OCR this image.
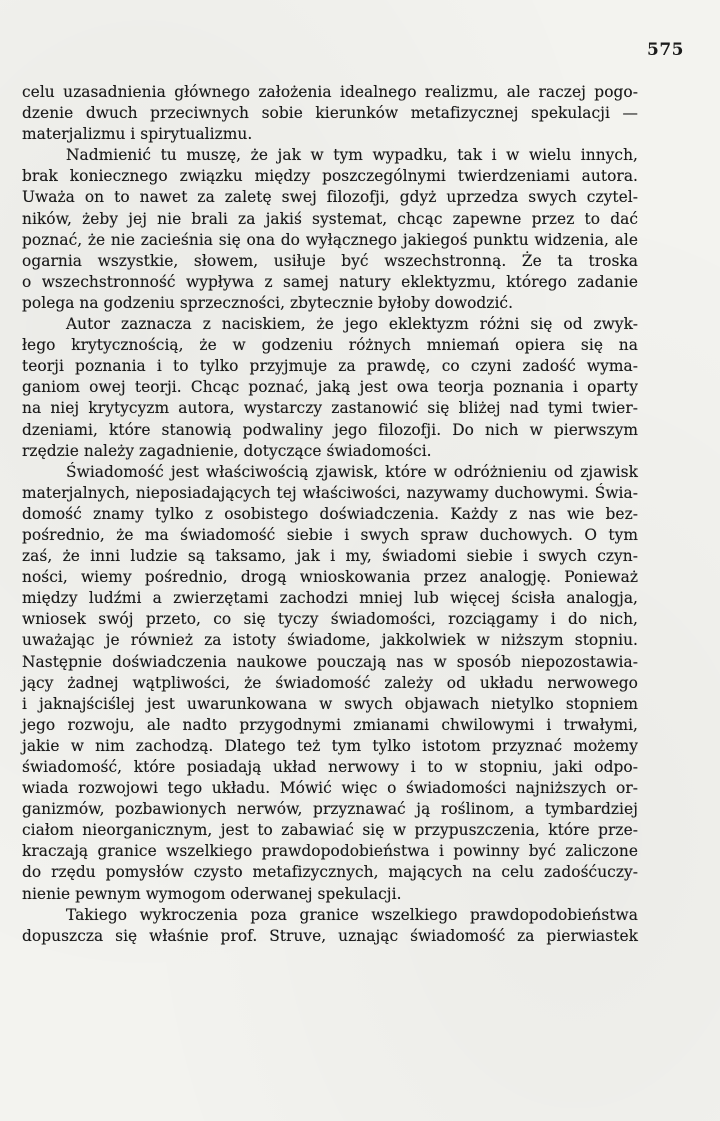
575
celu uzasadnienia głównego założenia idealnego realizmu, ale raczej pogo-
dzenie dwuch przeciwnych sobie kierunków metafizycznej spekulacji —
materjalizmu i spirytualizmu.
Nadmienić tu muszę, że jak w tym wypadku, tak i w wielu innych,
brak koniecznego związku między poszczególnymi twierdzeniami autora.
Uważa on to nawet za zaletę swej filozofji, gdyż uprzedza swych czytel-
ników, żeby jej nie brali za jakiś systemat, chcąc zapewne przez to dać
poznać, że nie zacieśnia się ona do wyłącznego jakiegoś punktu widzenia, ale
ogarnia wszystkie, słowem, usiłuje być wszechstronną. Że ta troska
o wszechstronność wypływa z samej natury eklektyzmu, którego zadanie
polega na godzeniu sprzeczności, zbytecznie byłoby dowodzić.
Autor zaznacza z naciskiem, że jego eklektyzm różni się od zwyk-
łego krytycznością, że w godzeniu różnych mniemań opiera się na
teorji poznania i to tylko przyjmuje za prawdę, co czyni zadość wyma-
ganiom owej teorji. Chcąc poznać, jaką jest owa teorja poznania i oparty
na niej krytycyzm autora, wystarczy zastanowić się bliżej nad tymi twier-
dzeniami, które stanowią podwaliny jego filozofji. Do nich w pierwszym
rzędzie należy zagadnienie, dotyczące świadomości.
Świadomość jest właściwością zjawisk, które w odróżnieniu od zjawisk
materjalnych, nieposiadających tej właściwości, nazywamy duchowymi. Świa-
domość znamy tylko z osobistego doświadczenia. Każdy z nas wie bez-
pośrednio, że ma świadomość siebie i swych spraw duchowych. O tym
zaś, że inni ludzie są taksamo, jak i my, świadomi siebie i swych czyn-
ności, wiemy pośrednio, drogą wnioskowania przez analogję. Ponieważ
między ludźmi a zwierzętami zachodzi mniej lub więcej ścisła analogja,
wniosek swój przeto, co się tyczy świadomości, rozciągamy i do nich,
uważając je również za istoty świadome, jakkolwiek w niższym stopniu.
Następnie doświadczenia naukowe pouczają nas w sposób niepozostawia-
jący żadnej wątpliwości, że świadomość zależy od układu nerwowego
i jaknajściślej jest uwarunkowana w swych objawach nietylko stopniem
jego rozwoju, ale nadto przygodnymi zmianami chwilowymi i trwałymi,
jakie w nim zachodzą. Dlatego też tym tylko istotom przyznać możemy
świadomość, które posiadają układ nerwowy i to w stopniu, jaki odpo-
wiada rozwojowi tego układu. Mówić więc o świadomości najniższych or-
ganizmów, pozbawionych nerwów, przyznawać ją roślinom, a tymbardziej
ciałom nieorganicznym, jest to zabawiać się w przypuszczenia, które prze-
kraczają granice wszelkiego prawdopodobieństwa i powinny być zaliczone
do rzędu pomysłów czysto metafizycznych, mających na celu zadośćuczy-
nienie pewnym wymogom oderwanej spekulacji.
Takiego wykroczenia poza granice wszelkiego prawdopodobieństwa
dopuszcza się właśnie prof. Struve, uznając świadomość za pierwiastek
